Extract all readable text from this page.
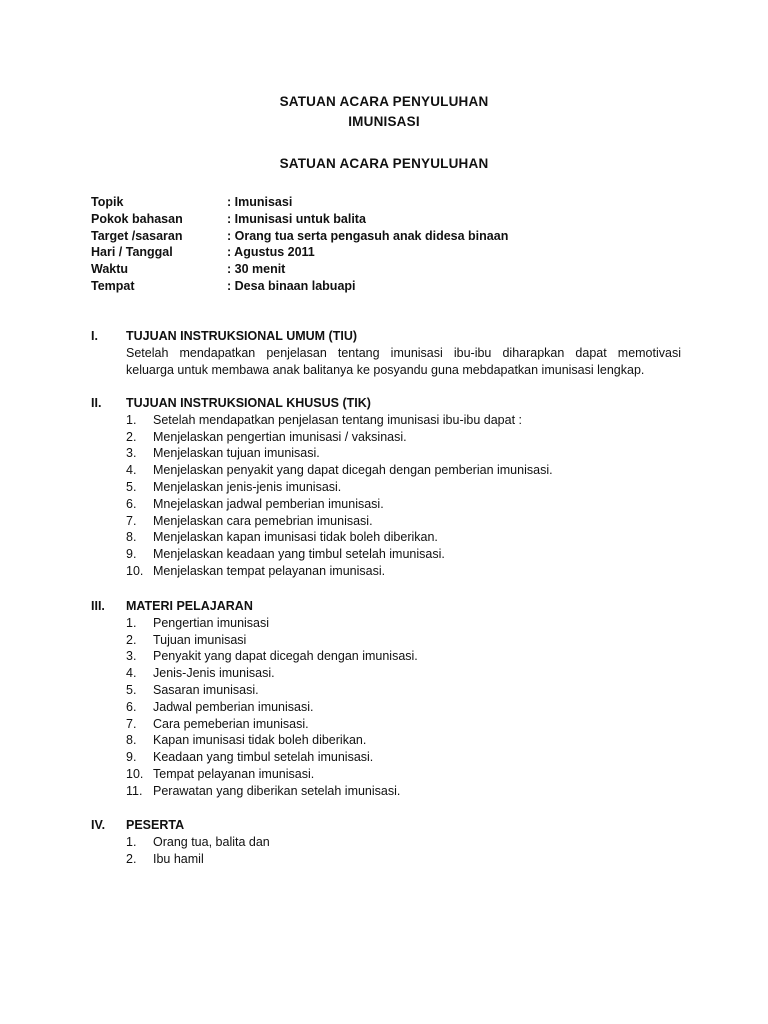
SATUAN ACARA PENYULUHAN
IMUNISASI
SATUAN ACARA PENYULUHAN
Topik	: Imunisasi
Pokok bahasan	: Imunisasi untuk balita
Target /sasaran	: Orang tua serta pengasuh anak didesa binaan
Hari / Tanggal	: Agustus 2011
Waktu	: 30 menit
Tempat	: Desa binaan labuapi
I. TUJUAN INSTRUKSIONAL UMUM (TIU)
Setelah mendapatkan penjelasan tentang imunisasi ibu-ibu diharapkan dapat memotivasi
keluarga untuk membawa anak balitanya ke posyandu guna mebdapatkan imunisasi lengkap.
II. TUJUAN INSTRUKSIONAL KHUSUS (TIK)
1. Setelah mendapatkan penjelasan tentang imunisasi ibu-ibu dapat :
2. Menjelaskan pengertian imunisasi / vaksinasi.
3. Menjelaskan tujuan imunisasi.
4. Menjelaskan penyakit yang dapat dicegah dengan pemberian imunisasi.
5. Menjelaskan jenis-jenis imunisasi.
6. Mnejelaskan jadwal pemberian imunisasi.
7. Menjelaskan cara pemebrian imunisasi.
8. Menjelaskan kapan imunisasi tidak boleh diberikan.
9. Menjelaskan keadaan yang timbul setelah imunisasi.
10. Menjelaskan tempat pelayanan imunisasi.
III. MATERI PELAJARAN
1. Pengertian imunisasi
2. Tujuan imunisasi
3. Penyakit yang dapat dicegah dengan imunisasi.
4. Jenis-Jenis imunisasi.
5. Sasaran imunisasi.
6. Jadwal pemberian imunisasi.
7. Cara pemeberian imunisasi.
8. Kapan imunisasi tidak boleh diberikan.
9. Keadaan yang timbul setelah imunisasi.
10. Tempat pelayanan imunisasi.
11. Perawatan yang diberikan setelah imunisasi.
IV. PESERTA
1. Orang tua, balita dan
2. Ibu hamil
